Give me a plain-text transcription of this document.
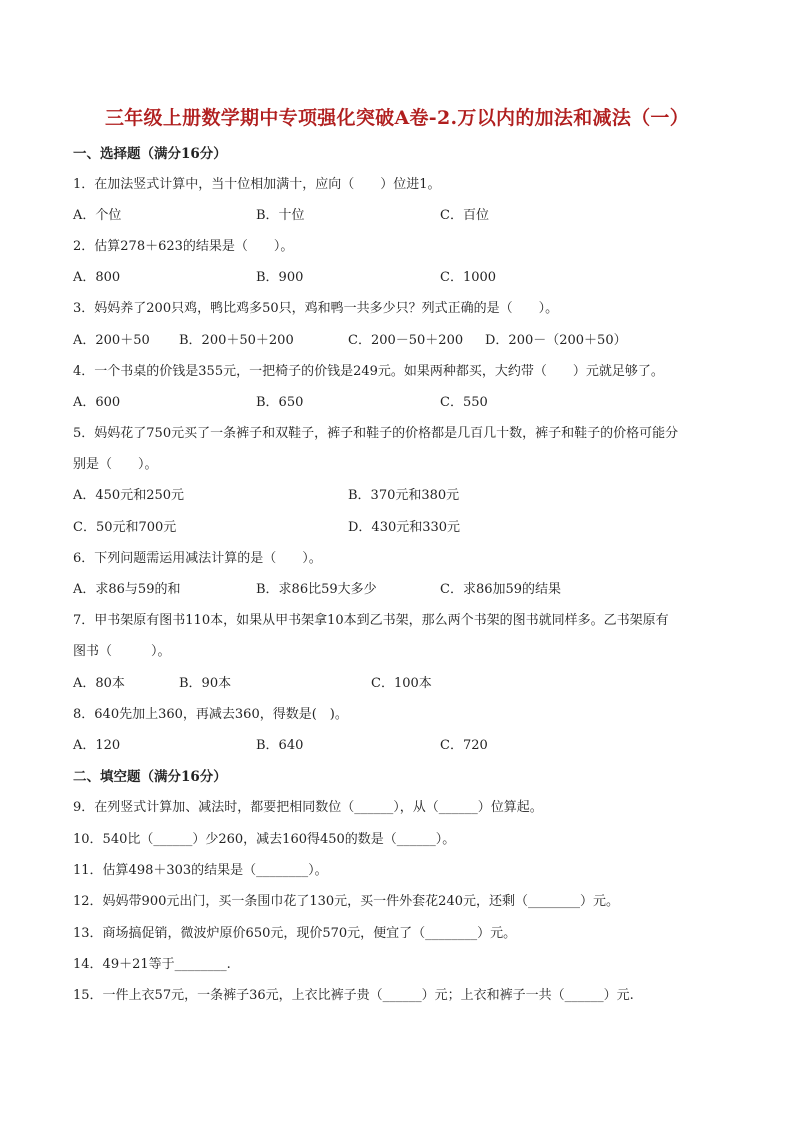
三年级上册数学期中专项强化突破A卷-2.万以内的加法和减法（一）
一、选择题（满分16分）
1．在加法竖式计算中，当十位相加满十，应向（　　）位进1。
A．个位	B．十位	C．百位
2．估算278＋623的结果是（　　）。
A．800	B．900	C．1000
3．妈妈养了200只鸡，鸭比鸡多50只，鸡和鸭一共多少只？列式正确的是（　　）。
A．200＋50 B．200＋50＋200	C．200－50＋200 D．200－（200＋50）
4．一个书桌的价钱是355元，一把椅子的价钱是249元。如果两种都买，大约带（　　）元就足够了。
A．600	B．650	C．550
5．妈妈花了750元买了一条裤子和双鞋子，裤子和鞋子的价格都是几百几十数，裤子和鞋子的价格可能分
别是（　　）。
A．450元和250元	B．370元和380元
C．50元和700元	D．430元和330元
6．下列问题需运用减法计算的是（　　）。
A．求86与59的和	B．求86比59大多少	C．求86加59的结果
7．甲书架原有图书110本，如果从甲书架拿10本到乙书架，那么两个书架的图书就同样多。乙书架原有
图书（　　　）。
A．80本	B．90本	C．100本
8．640先加上360，再减去360，得数是(　)。
A．120	B．640	C．720
二、填空题（满分16分）
9．在列竖式计算加、减法时，都要把相同数位（______），从（______）位算起。
10．540比（______）少260，减去160得450的数是（______）。
11．估算498＋303的结果是（________）。
12．妈妈带900元出门，买一条围巾花了130元，买一件外套花240元，还剩（________）元。
13．商场搞促销，微波炉原价650元，现价570元，便宜了（________）元。
14．49＋21等于________.
15．一件上衣57元，一条裤子36元，上衣比裤子贵（______）元；上衣和裤子一共（______）元.
